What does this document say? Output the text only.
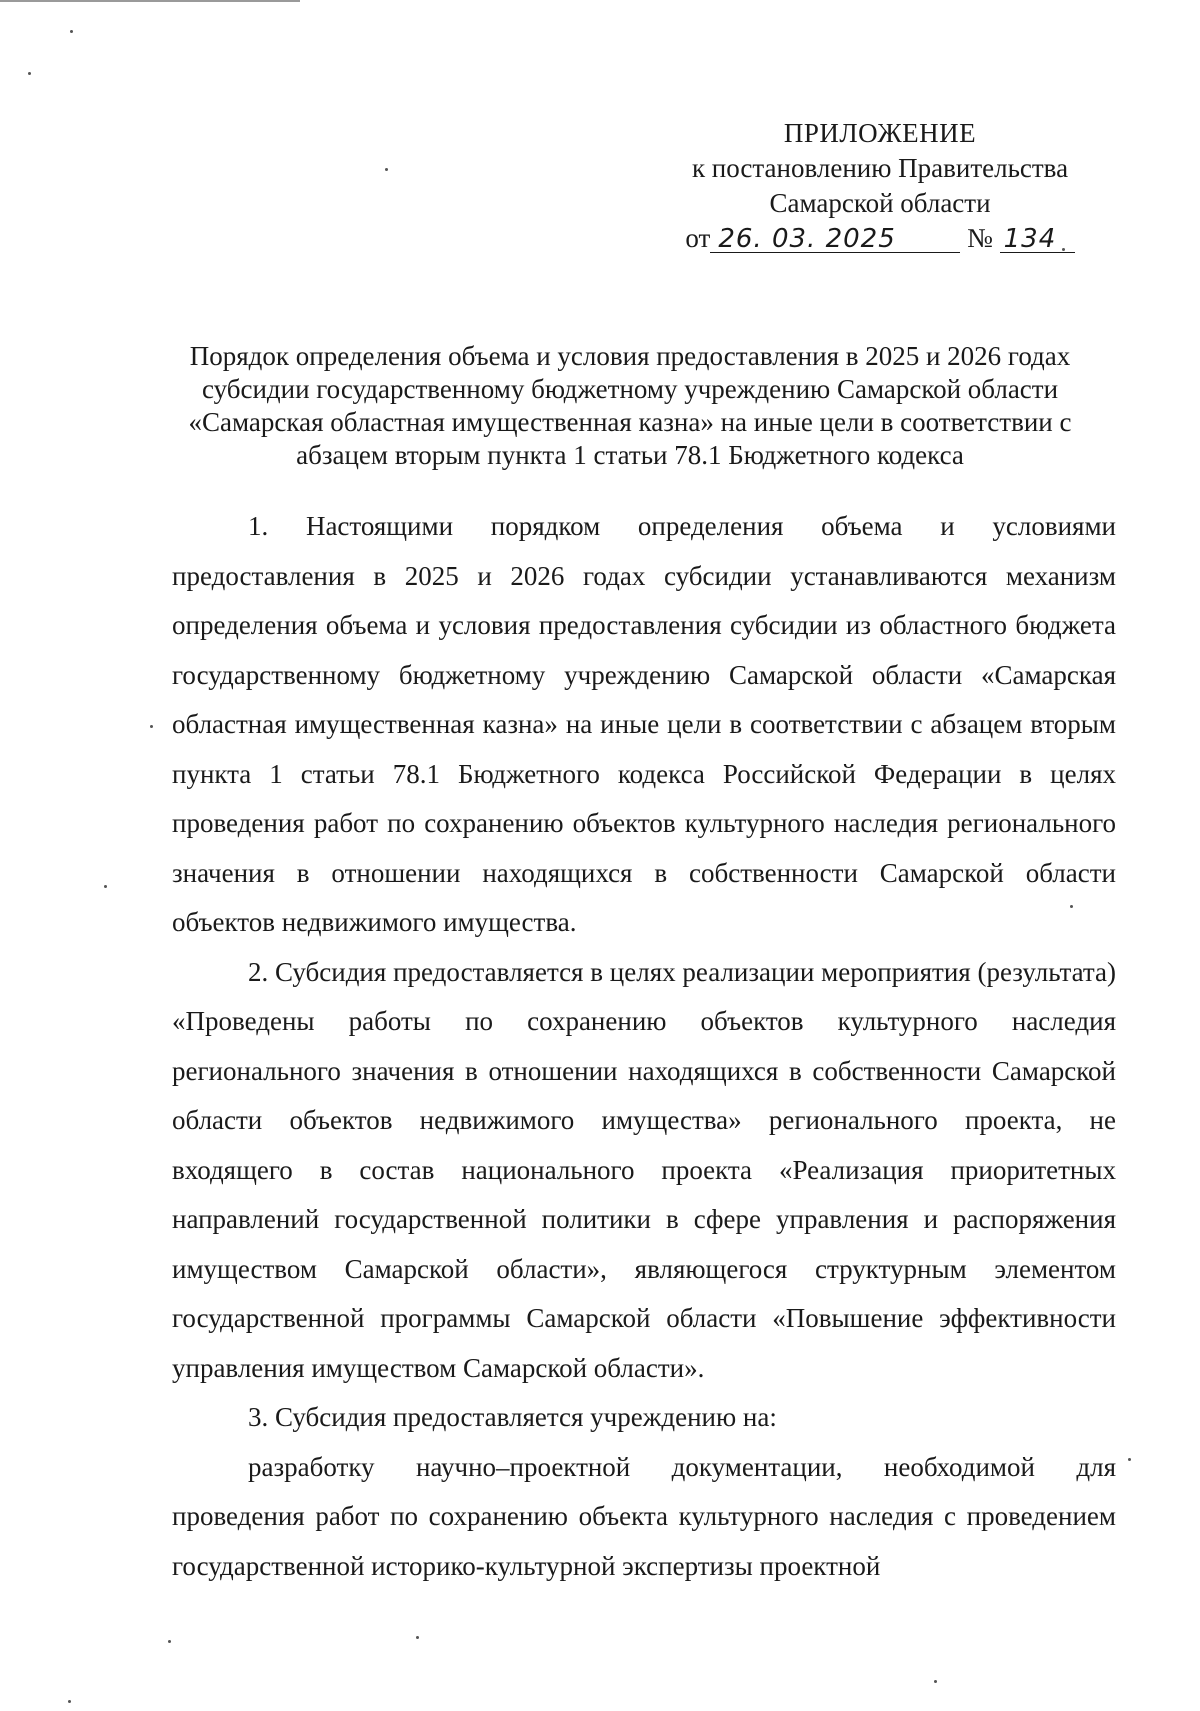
ПРИЛОЖЕНИЕ
к постановлению Правительства
Самарской области
от 26. 03. 2025	№ 134
Порядок определения объема и условия предоставления в 2025 и 2026 годах
субсидии государственному бюджетному учреждению Самарской области
«Самарская областная имущественная казна» на иные цели в соответствии с
абзацем вторым пункта 1 статьи 78.1 Бюджетного кодекса

1. Настоящими порядком определения объема и условиями предоставления в 2025 и 2026 годах субсидии устанавливаются механизм определения объема и условия предоставления субсидии из областного бюджета государственному бюджетному учреждению Самарской области «Самарская областная имущественная казна» на иные цели в соответствии с абзацем вторым пункта 1 статьи 78.1 Бюджетного кодекса Российской Федерации в целях проведения работ по сохранению объектов культурного наследия регионального значения в отношении находящихся в собственности Самарской области объектов недвижимого имущества.

2. Субсидия предоставляется в целях реализации мероприятия (результата) «Проведены работы по сохранению объектов культурного наследия регионального значения в отношении находящихся в собственности Самарской области объектов недвижимого имущества» регионального проекта, не входящего в состав национального проекта «Реализация приоритетных направлений государственной политики в сфере управления и распоряжения имуществом Самарской области», являющегося структурным элементом государственной программы Самарской области «Повышение эффективности управления имуществом Самарской области».

3. Субсидия предоставляется учреждению на:

разработку научно–проектной документации, необходимой для проведения работ по сохранению объекта культурного наследия с проведением государственной историко-культурной экспертизы проектной
